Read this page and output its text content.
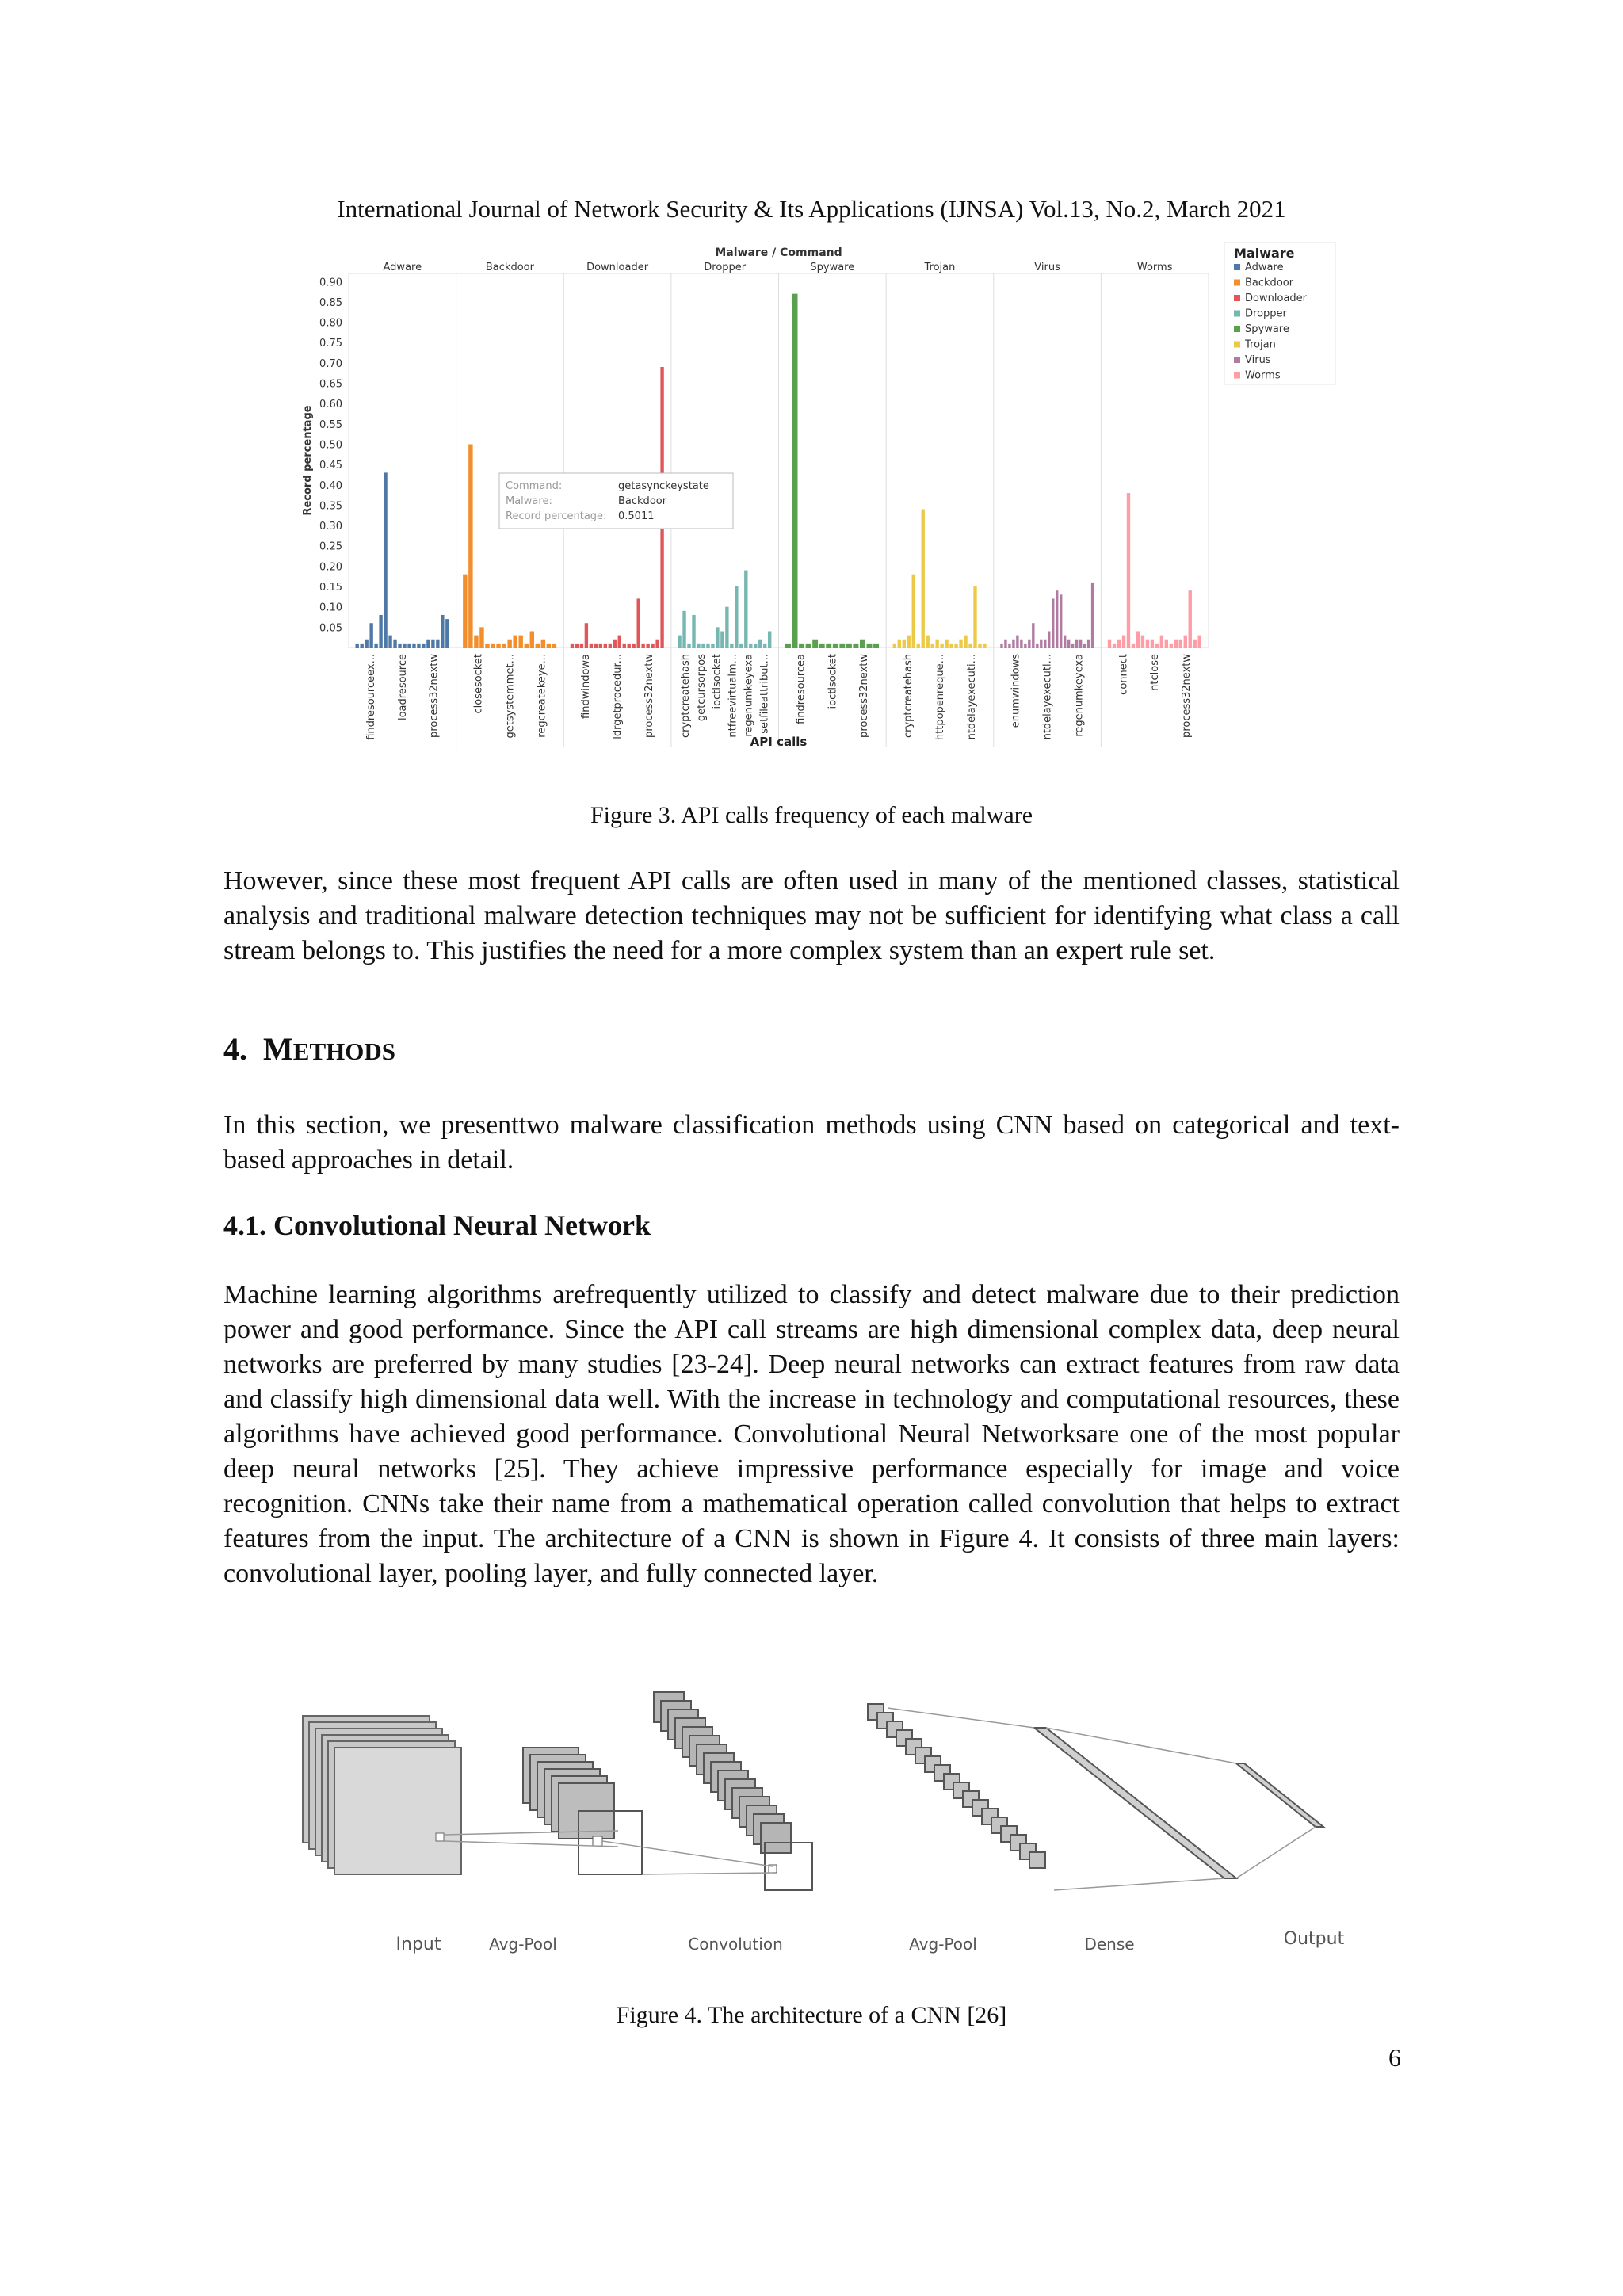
International Journal of Network Security & Its Applications (IJNSA) Vol.13, No.2, March 2021
Malware / Command
0.05
0.10
0.15
0.20
0.25
0.30
0.35
0.40
0.45
0.50
0.55
0.60
0.65
0.70
0.75
0.80
0.85
0.90
Record percentage
Adware
findresourceex... loadresource process32nextw
Backdoor
closesocket getsystemmet... regcreatekeye...
Downloader
findwindowa ldrgetprocedur... process32nextw
Dropper
cryptcreatehash getcursorpos ioctlsocket ntfreevirtualm... regenumkeyexa setfileattribut...
Spyware
findresourcea ioctlsocket process32nextw
Trojan
cryptcreatehash httpopenreque... ntdelayexecuti...
Virus
enumwindows ntdelayexecuti... regenumkeyexa
Worms
connect ntclose process32nextw
API calls
Malware
Adware
Backdoor
Downloader
Dropper
Spyware
Trojan
Virus
Worms
Command:	getasynckeystate
Malware:	Backdoor
Record percentage: 0.5011
Figure 3. API calls frequency of each malware

However, since these most frequent API calls are often used in many of the mentioned classes, statistical analysis and traditional malware detection techniques may not be sufficient for identifying what class a call stream belongs to. This justifies the need for a more complex system than an expert rule set.

4. METHODS

In this section, we presenttwo malware classification methods using CNN based on categorical and text-based approaches in detail.

4.1. Convolutional Neural Network

Machine learning algorithms arefrequently utilized to classify and detect malware due to their prediction power and good performance. Since the API call streams are high dimensional complex data, deep neural networks are preferred by many studies [23-24]. Deep neural networks can extract features from raw data and classify high dimensional data well. With the increase in technology and computational resources, these algorithms have achieved good performance. Convolutional Neural Networksare one of the most popular deep neural networks [25]. They achieve impressive performance especially for image and voice recognition. CNNs take their name from a mathematical operation called convolution that helps to extract features from the input. The architecture of a CNN is shown in Figure 4. It consists of three main layers: convolutional layer, pooling layer, and fully connected layer.

Input	Avg-Pool	Convolution	Avg-Pool	Dense	Output
Figure 4. The architecture of a CNN [26]
6
